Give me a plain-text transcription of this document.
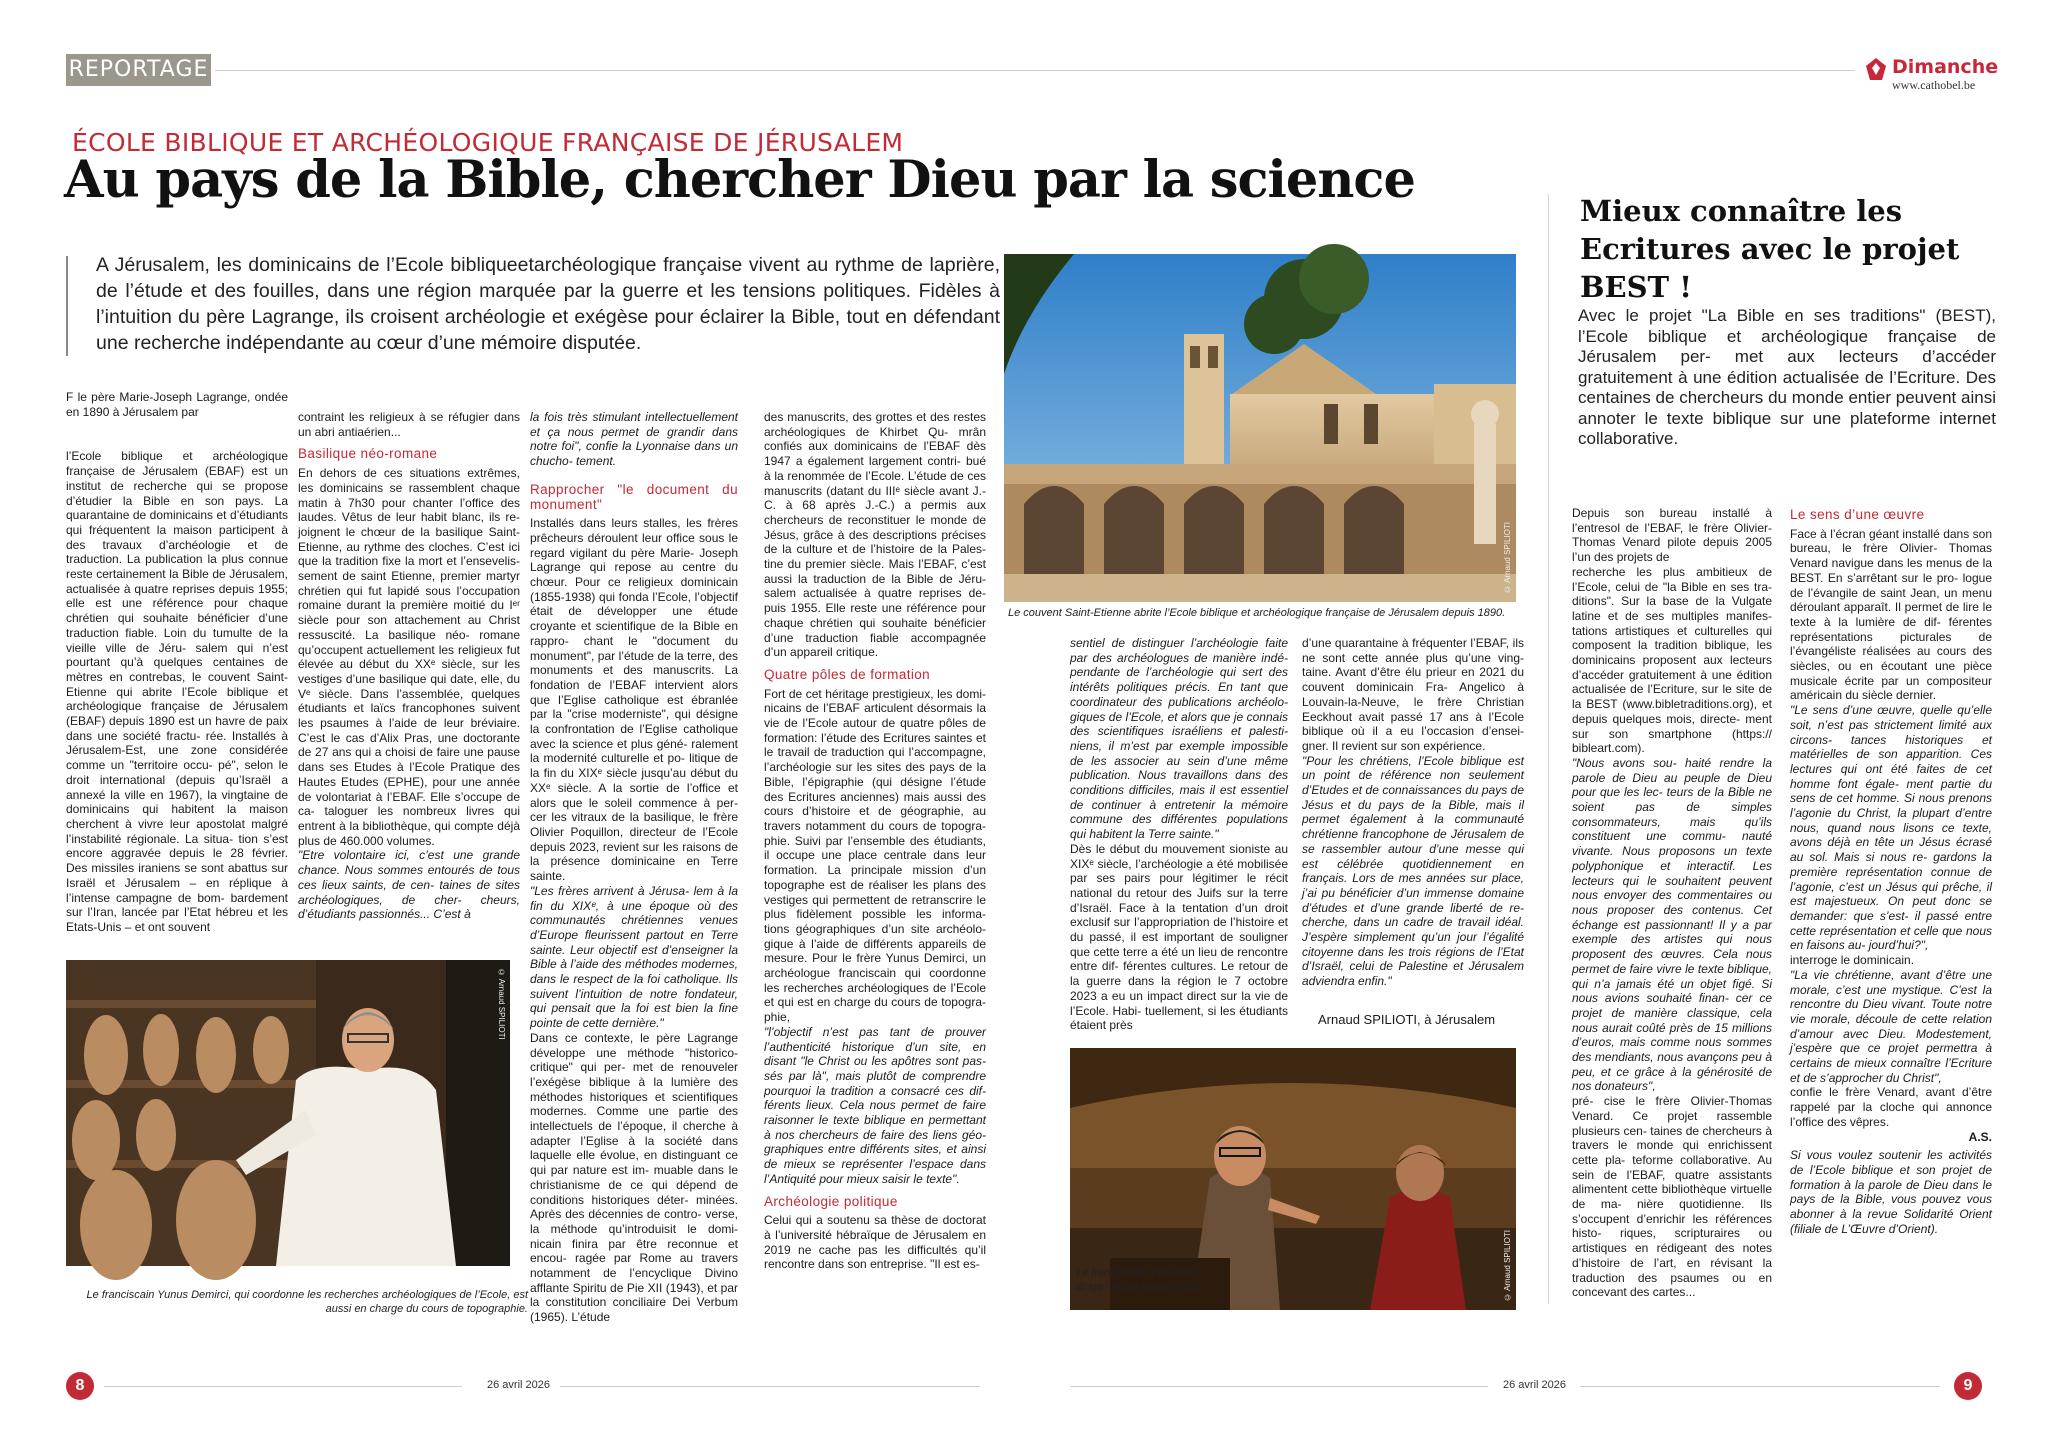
REPORTAGE	Dimanche
www.cathobel.be
ÉCOLE BIBLIQUE ET ARCHÉOLOGIQUE FRANÇAISE DE JÉRUSALEM
Au pays de la Bible, chercher Dieu par la science

A Jérusalem, les dominicains de l’Ecole bibliqueetarchéologique française vivent au rythme de laprière, de l’étude et des fouilles, dans une région marquée par la guerre et les tensions politiques. Fidèles à l’intuition du père Lagrange, ils croisent archéologie et exégèse pour éclairer la Bible, tout en défendant une recherche indépendante au cœur d’une mémoire disputée.

© Arnaud SPILIOTI
Le couvent Saint-Etienne abrite l’Ecole biblique et archéologique française de Jérusalem depuis 1890.

F le père Marie-Joseph Lagrange, ondée en 1890 à Jérusalem par

l’Ecole biblique et archéologique française de Jérusalem (EBAF) est un institut de recherche qui se propose d’étudier la Bible en son pays. La quarantaine de dominicains et d’étudiants qui fréquentent la maison participent à des travaux d’archéologie et de traduction. La publication la plus connue reste certainement la Bible de Jérusalem, actualisée à quatre reprises depuis 1955; elle est une référence pour chaque chrétien qui souhaite bénéficier d’une traduction fiable. Loin du tumulte de la vieille ville de Jéru- salem qui n’est pourtant qu’à quelques centaines de mètres en contrebas, le couvent Saint-Etienne qui abrite l’Ecole biblique et archéologique française de Jérusalem (EBAF) depuis 1890 est un havre de paix dans une société fractu- rée. Installés à Jérusalem-Est, une zone considérée comme un "territoire occu- pé", selon le droit international (depuis qu’Israël a annexé la ville en 1967), la vingtaine de dominicains qui habitent la maison cherchent à vivre leur apostolat malgré l’instabilité régionale. La situa- tion s’est encore aggravée depuis le 28 février. Des missiles iraniens se sont abattus sur Israël et Jérusalem – en réplique à l’intense campagne de bom- bardement sur l’Iran, lancée par l’Etat hébreu et les Etats-Unis – et ont souvent

contraint les religieux à se réfugier dans un abri antiaérien...

Basilique néo-romane

En dehors de ces situations extrêmes, les dominicains se rassemblent chaque matin à 7h30 pour chanter l’office des laudes. Vêtus de leur habit blanc, ils re- joignent le chœur de la basilique Saint- Etienne, au rythme des cloches. C’est ici que la tradition fixe la mort et l’ensevelis- sement de saint Etienne, premier martyr chrétien qui fut lapidé sous l’occupation romaine durant la première moitié du Iᵉʳ siècle pour son attachement au Christ ressuscité. La basilique néo- romane qu’occupent actuellement les religieux fut élevée au début du XXᵉ siècle, sur les vestiges d’une basilique qui date, elle, du Vᵉ siècle. Dans l’assemblée, quelques étudiants et laïcs francophones suivent les psaumes à l’aide de leur bréviaire. C’est le cas d’Alix Pras, une doctorante de 27 ans qui a choisi de faire une pause dans ses Etudes à l’Ecole Pratique des Hautes Etudes (EPHE), pour une année de volontariat à l’EBAF. Elle s’occupe de ca- taloguer les nombreux livres qui entrent à la bibliothèque, qui compte déjà plus de 460.000 volumes.

"Etre volontaire ici, c’est une grande chance. Nous sommes entourés de tous ces lieux saints, de cen- taines de sites archéologiques, de cher- cheurs, d’étudiants passionnés... C’est à

© Arnaud SPILIOTI
Le franciscain Yunus Demirci, qui coordonne les recherches archéologiques de l’Ecole, est aussi en charge du cours de topographie.

la fois très stimulant intellectuellement et ça nous permet de grandir dans notre foi", confie la Lyonnaise dans un chucho- tement.

Rapprocher "le document du monument"

Installés dans leurs stalles, les frères prêcheurs déroulent leur office sous le regard vigilant du père Marie- Joseph Lagrange qui repose au centre du chœur. Pour ce religieux dominicain (1855-1938) qui fonda l’Ecole, l’objectif était de développer une étude croyante et scientifique de la Bible en rappro- chant le "document du monument", par l’étude de la terre, des monuments et des manuscrits. La fondation de l’EBAF intervient alors que l’Eglise catholique est ébranlée par la "crise moderniste", qui désigne la confrontation de l’Eglise catholique avec la science et plus géné- ralement la modernité culturelle et po- litique de la fin du XIXᵉ siècle jusqu’au début du XXᵉ siècle. A la sortie de l’office et alors que le soleil commence à per- cer les vitraux de la basilique, le frère Olivier Poquillon, directeur de l’Ecole depuis 2023, revient sur les raisons de la présence dominicaine en Terre sainte.

"Les frères arrivent à Jérusa- lem à la fin du XIXᵉ, à une époque où des communautés chrétiennes venues d’Europe fleurissent partout en Terre sainte. Leur objectif est d’enseigner la Bible à l’aide des méthodes modernes, dans le respect de la foi catholique. Ils suivent l’intuition de notre fondateur, qui pensait que la foi est bien la fine pointe de cette dernière."

Dans ce contexte, le père Lagrange développe une méthode "historico-critique" qui per- met de renouveler l’exégèse biblique à la lumière des méthodes historiques et scientifiques modernes. Comme une partie des intellectuels de l’époque, il cherche à adapter l’Eglise à la société dans laquelle elle évolue, en distinguant ce qui par nature est im- muable dans le christianisme de ce qui dépend de conditions historiques déter- minées. Après des décennies de contro- verse, la méthode qu’introduisit le domi- nicain finira par être reconnue et encou- ragée par Rome au travers notamment de l’encyclique Divino afflante Spiritu de Pie XII (1943), et par la constitution conciliaire Dei Verbum (1965). L’étude

des manuscrits, des grottes et des restes archéologiques de Khirbet Qu- mrân confiés aux dominicains de l’EBAF dès 1947 a également largement contri- bué à la renommée de l’Ecole. L’étude de ces manuscrits (datant du IIIᵉ siècle avant J.-C. à 68 après J.-C.) a permis aux chercheurs de reconstituer le monde de Jésus, grâce à des descriptions précises de la culture et de l’histoire de la Pales- tine du premier siècle. Mais l’EBAF, c’est aussi la traduction de la Bible de Jéru- salem actualisée à quatre reprises de- puis 1955. Elle reste une référence pour chaque chrétien qui souhaite bénéficier d’une traduction fiable accompagnée d’un appareil critique.

Quatre pôles de formation

Fort de cet héritage prestigieux, les domi- nicains de l’EBAF articulent désormais la vie de l’Ecole autour de quatre pôles de formation: l’étude des Ecritures saintes et le travail de traduction qui l’accompagne, l’archéologie sur les sites des pays de la Bible, l’épigraphie (qui désigne l’étude des Ecritures anciennes) mais aussi des cours d’histoire et de géographie, au travers notamment du cours de topogra- phie. Suivi par l’ensemble des étudiants, il occupe une place centrale dans leur formation. La principale mission d’un topographe est de réaliser les plans des vestiges qui permettent de retranscrire le plus fidèlement possible les informa- tions géographiques d’un site archéolo- gique à l’aide de différents appareils de mesure. Pour le frère Yunus Demirci, un archéologue franciscain qui coordonne les recherches archéologiques de l’Ecole et qui est en charge du cours de topogra- phie,

"l’objectif n’est pas tant de prouver l’authenticité historique d’un site, en disant "le Christ ou les apôtres sont pas- sés par là", mais plutôt de comprendre pourquoi la tradition a consacré ces dif- férents lieux. Cela nous permet de faire raisonner le texte biblique en permettant à nos chercheurs de faire des liens géo- graphiques entre différents sites, et ainsi de mieux se représenter l’espace dans l’Antiquité pour mieux saisir le texte".

Archéologie politique

Celui qui a soutenu sa thèse de doctorat à l’université hébraïque de Jérusalem en 2019 ne cache pas les difficultés qu’il rencontre dans son entreprise. "Il est es-

sentiel de distinguer l’archéologie faite par des archéologues de manière indé- pendante de l’archéologie qui sert des intérêts politiques précis. En tant que coordinateur des publications archéolo- giques de l’Ecole, et alors que je connais des scientifiques israéliens et palesti- niens, il m’est par exemple impossible de les associer au sein d’une même publication. Nous travaillons dans des conditions difficiles, mais il est essentiel de continuer à entretenir la mémoire commune des différentes populations qui habitent la Terre sainte."

Dès le début du mouvement sioniste au XIXᵉ siècle, l’archéologie a été mobilisée par ses pairs pour légitimer le récit national du retour des Juifs sur la terre d’Israël. Face à la tentation d’un droit exclusif sur l’appropriation de l’histoire et du passé, il est important de souligner que cette terre a été un lieu de rencontre entre dif- férentes cultures. Le retour de la guerre dans la région le 7 octobre 2023 a eu un impact direct sur la vie de l’Ecole. Habi- tuellement, si les étudiants étaient près

d’une quarantaine à fréquenter l’EBAF, ils ne sont cette année plus qu’une ving- taine. Avant d’être élu prieur en 2021 du couvent dominicain Fra- Angelico à Louvain-la-Neuve, le frère Christian Eeckhout avait passé 17 ans à l’Ecole biblique où il a eu l’occasion d’ensei- gner. Il revient sur son expérience.

"Pour les chrétiens, l’Ecole biblique est un point de référence non seulement d’Etudes et de connaissances du pays de Jésus et du pays de la Bible, mais il permet également à la communauté chrétienne francophone de Jérusalem de se rassembler autour d’une messe qui est célébrée quotidiennement en français. Lors de mes années sur place, j’ai pu bénéficier d’un immense domaine d’études et d’une grande liberté de re- cherche, dans un cadre de travail idéal. J’espère simplement qu’un jour l’égalité citoyenne dans les trois régions de l’Etat d’Israël, celui de Palestine et Jérusalem adviendra enfin."

Arnaud SPILIOTI, à Jérusalem
Le frère Olivier Poquillon dirige l’Ecole depuis 2023.	© Arnaud SPILIOTI
Mieux connaître les Ecritures avec le projet BEST !

Avec le projet "La Bible en ses traditions" (BEST), l’Ecole biblique et archéologique française de Jérusalem per- met aux lecteurs d’accéder gratuitement à une édition actualisée de l’Ecriture. Des centaines de chercheurs du monde entier peuvent ainsi annoter le texte biblique sur une plateforme internet collaborative.

Depuis son bureau installé à l’entresol de l’EBAF, le frère Olivier-Thomas Venard pilote depuis 2005 l’un des projets de

recherche les plus ambitieux de l’Ecole, celui de "la Bible en ses tra- ditions". Sur la base de la Vulgate latine et de ses multiples manifes- tations artistiques et culturelles qui composent la tradition biblique, les dominicains proposent aux lecteurs d’accéder gratuitement à une édition actualisée de l’Ecriture, sur le site de la BEST (www.bibletraditions.org), et depuis quelques mois, directe- ment sur son smartphone (https:// bibleart.com).

"Nous avons sou- haité rendre la parole de Dieu au peuple de Dieu pour que les lec- teurs de la Bible ne soient pas de simples consommateurs, mais qu’ils constituent une commu- nauté vivante. Nous proposons un texte polyphonique et interactif. Les lecteurs qui le souhaitent peuvent nous envoyer des commentaires ou nous proposer des contenus. Cet échange est passionnant! Il y a par exemple des artistes qui nous proposent des œuvres. Cela nous permet de faire vivre le texte biblique, qui n’a jamais été un objet figé. Si nous avions souhaité finan- cer ce projet de manière classique, cela nous aurait coûté près de 15 millions d’euros, mais comme nous sommes des mendiants, nous avançons peu à peu, et ce grâce à la générosité de nos donateurs",

pré- cise le frère Olivier-Thomas Venard. Ce projet rassemble plusieurs cen- taines de chercheurs à travers le monde qui enrichissent cette pla- teforme collaborative. Au sein de l’EBAF, quatre assistants alimentent cette bibliothèque virtuelle de ma- nière quotidienne. Ils s’occupent d’enrichir les références histo- riques, scripturaires ou artistiques en rédigeant des notes d’histoire de l’art, en révisant la traduction des psaumes ou en concevant des cartes...

Le sens d’une œuvre

Face à l’écran géant installé dans son bureau, le frère Olivier- Thomas Venard navigue dans les menus de la BEST. En s’arrêtant sur le pro- logue de l’évangile de saint Jean, un menu déroulant apparaît. Il permet de lire le texte à la lumière de dif- férentes représentations picturales de l’évangéliste réalisées au cours des siècles, ou en écoutant une pièce musicale écrite par un compositeur américain du siècle dernier.

"Le sens d’une œuvre, quelle qu’elle soit, n’est pas strictement limité aux circons- tances historiques et matérielles de son apparition. Ces lectures qui ont été faites de cet homme font égale- ment partie du sens de cet homme. Si nous prenons l’agonie du Christ, la plupart d’entre nous, quand nous lisons ce texte, avons déjà en tête un Jésus écrasé au sol. Mais si nous re- gardons la première représentation connue de l’agonie, c’est un Jésus qui prêche, il est majestueux. On peut donc se demander: que s’est- il passé entre cette représentation et celle que nous en faisons au- jourd’hui?",

interroge le dominicain.

"La vie chrétienne, avant d’être une morale, c’est une mystique. C’est la rencontre du Dieu vivant. Toute notre vie morale, découle de cette relation d’amour avec Dieu. Modestement, j’espère que ce projet permettra à certains de mieux connaître l’Ecriture et de s’approcher du Christ",

confie le frère Venard, avant d’être rappelé par la cloche qui annonce l’office des vêpres.

A.S.

Si vous voulez soutenir les activités de l’Ecole biblique et son projet de formation à la parole de Dieu dans le pays de la Bible, vous pouvez vous abonner à la revue Solidarité Orient (filiale de L’Œuvre d’Orient).

8	26 avril 2026	26 avril 2026	9
